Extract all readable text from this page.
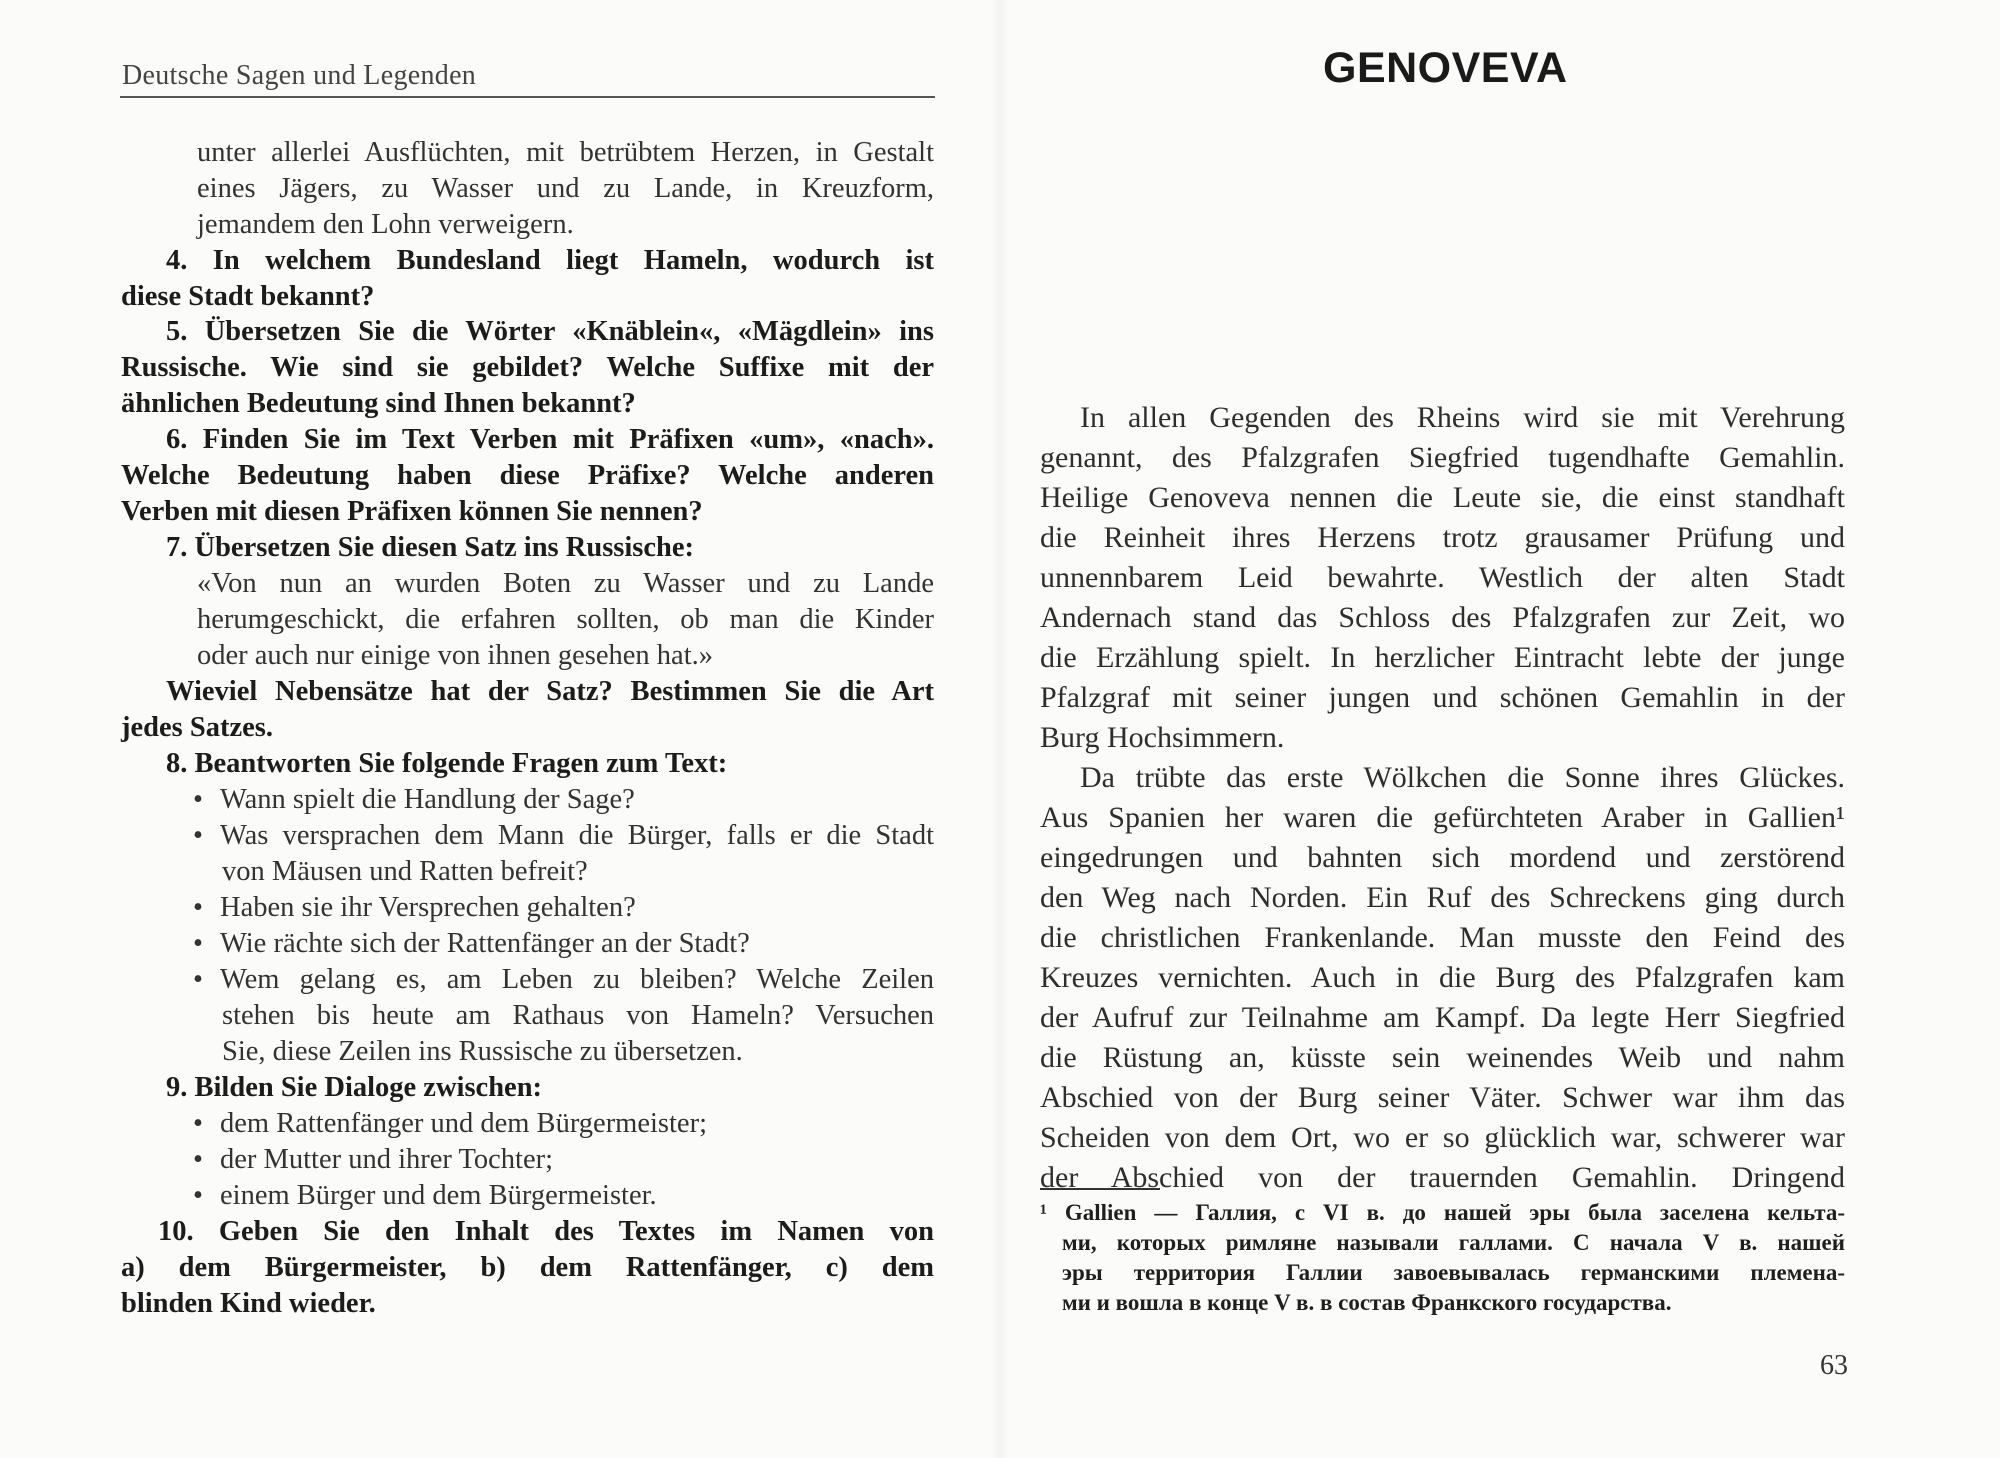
Deutsche Sagen und Legenden
unter allerlei Ausflüchten, mit betrübtem Herzen, in Gestalt
eines Jägers, zu Wasser und zu Lande, in Kreuzform,
jemandem den Lohn verweigern.
4. In welchem Bundesland liegt Hameln, wodurch ist
diese Stadt bekannt?
5. Übersetzen Sie die Wörter «Knäblein«, «Mägdlein» ins
Russische. Wie sind sie gebildet? Welche Suffixe mit der
ähnlichen Bedeutung sind Ihnen bekannt?
6. Finden Sie im Text Verben mit Präfixen «um», «nach».
Welche Bedeutung haben diese Präfixe? Welche anderen
Verben mit diesen Präfixen können Sie nennen?
7. Übersetzen Sie diesen Satz ins Russische:
«Von nun an wurden Boten zu Wasser und zu Lande
herumgeschickt, die erfahren sollten, ob man die Kinder
oder auch nur einige von ihnen gesehen hat.»
Wieviel Nebensätze hat der Satz? Bestimmen Sie die Art
jedes Satzes.
8. Beantworten Sie folgende Fragen zum Text:
• Wann spielt die Handlung der Sage?
• Was versprachen dem Mann die Bürger, falls er die Stadt
von Mäusen und Ratten befreit?
• Haben sie ihr Versprechen gehalten?
• Wie rächte sich der Rattenfänger an der Stadt?
• Wem gelang es, am Leben zu bleiben? Welche Zeilen
stehen bis heute am Rathaus von Hameln? Versuchen
Sie, diese Zeilen ins Russische zu übersetzen.
9. Bilden Sie Dialoge zwischen:
• dem Rattenfänger und dem Bürgermeister;
• der Mutter und ihrer Tochter;
• einem Bürger und dem Bürgermeister.
10. Geben Sie den Inhalt des Textes im Namen von
a) dem Bürgermeister, b) dem Rattenfänger, c) dem
blinden Kind wieder.
GENOVEVA
63
In allen Gegenden des Rheins wird sie mit Verehrung
genannt, des Pfalzgrafen Siegfried tugendhafte Gemahlin.
Heilige Genoveva nennen die Leute sie, die einst standhaft
die Reinheit ihres Herzens trotz grausamer Prüfung und
unnennbarem Leid bewahrte. Westlich der alten Stadt
Andernach stand das Schloss des Pfalzgrafen zur Zeit, wo
die Erzählung spielt. In herzlicher Eintracht lebte der junge
Pfalzgraf mit seiner jungen und schönen Gemahlin in der
Burg Hochsimmern.
Da trübte das erste Wölkchen die Sonne ihres Glückes.
Aus Spanien her waren die gefürchteten Araber in Gallien¹
eingedrungen und bahnten sich mordend und zerstörend
den Weg nach Norden. Ein Ruf des Schreckens ging durch
die christlichen Frankenlande. Man musste den Feind des
Kreuzes vernichten. Auch in die Burg des Pfalzgrafen kam
der Aufruf zur Teilnahme am Kampf. Da legte Herr Siegfried
die Rüstung an, küsste sein weinendes Weib und nahm
Abschied von der Burg seiner Väter. Schwer war ihm das
Scheiden von dem Ort, wo er so glücklich war, schwerer war
der Abschied von der trauernden Gemahlin. Dringend
¹ Gallien — Галлия, с VI в. до нашей эры была заселена кельта-
ми, которых римляне называли галлами. С начала V в. нашей
эры территория Галлии завоевывалась германскими племена-
ми и вошла в конце V в. в состав Франкского государства.
